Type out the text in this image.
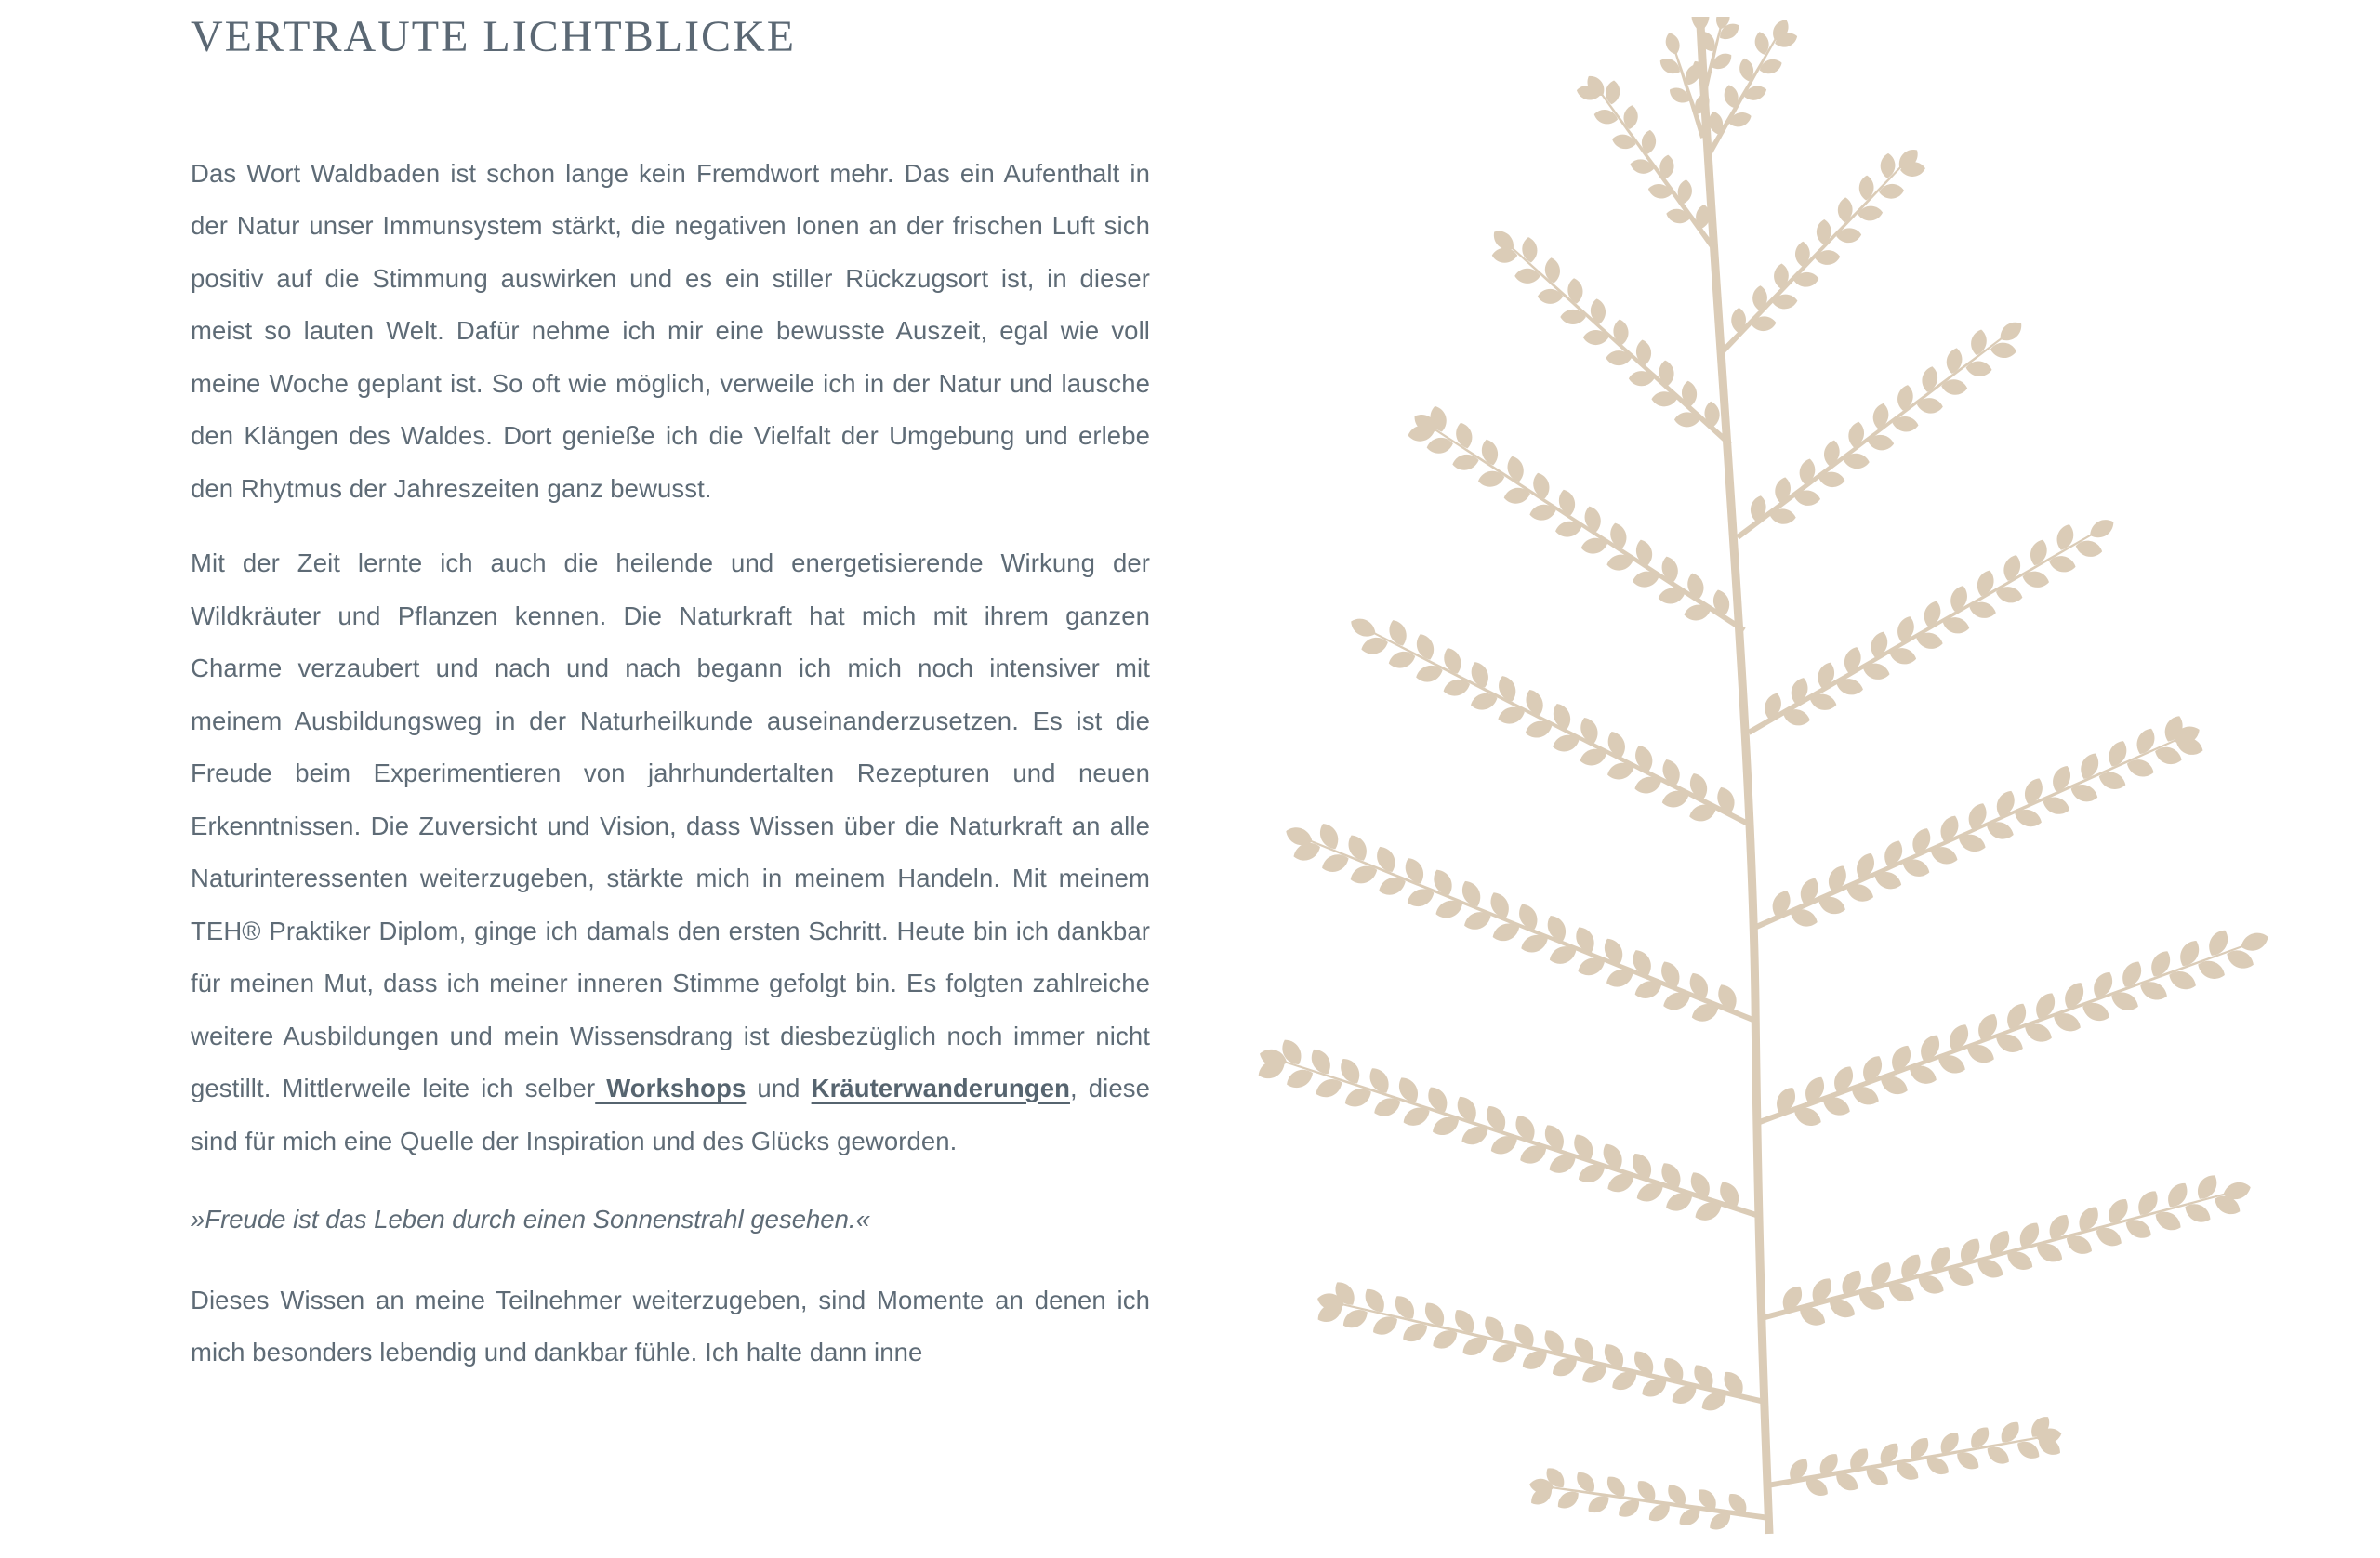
VERTRAUTE LICHTBLICKE

Das Wort Waldbaden ist schon lange kein Fremdwort mehr. Das ein Aufenthalt in der Natur unser Immunsystem stärkt, die negativen Ionen an der frischen Luft sich positiv auf die Stimmung auswirken und es ein stiller Rückzugsort ist, in dieser meist so lauten Welt. Dafür nehme ich mir eine bewusste Auszeit, egal wie voll meine Woche geplant ist. So oft wie möglich, verweile ich in der Natur und lausche den Klängen des Waldes. Dort genieße ich die Vielfalt der Umgebung und erlebe den Rhytmus der Jahreszeiten ganz bewusst.

Mit der Zeit lernte ich auch die heilende und energetisierende Wirkung der Wildkräuter und Pflanzen kennen. Die Naturkraft hat mich mit ihrem ganzen Charme verzaubert und nach und nach begann ich mich noch intensiver mit meinem Ausbildungsweg in der Naturheilkunde auseinanderzusetzen. Es ist die Freude beim Experimentieren von jahrhundertalten Rezepturen und neuen Erkenntnissen. Die Zuversicht und Vision, dass Wissen über die Naturkraft an alle Naturinteressenten weiterzugeben, stärkte mich in meinem Handeln. Mit meinem TEH® Praktiker Diplom, ginge ich damals den ersten Schritt. Heute bin ich dankbar für meinen Mut, dass ich meiner inneren Stimme gefolgt bin. Es folgten zahlreiche weitere Ausbildungen und mein Wissensdrang ist diesbezüglich noch immer nicht gestillt. Mittlerweile leite ich selber Workshops und Kräuterwanderungen, diese sind für mich eine Quelle der Inspiration und des Glücks geworden.

»Freude ist das Leben durch einen Sonnenstrahl gesehen.«

Dieses Wissen an meine Teilnehmer weiterzugeben, sind Momente an denen ich mich besonders lebendig und dankbar fühle. Ich halte dann inne
